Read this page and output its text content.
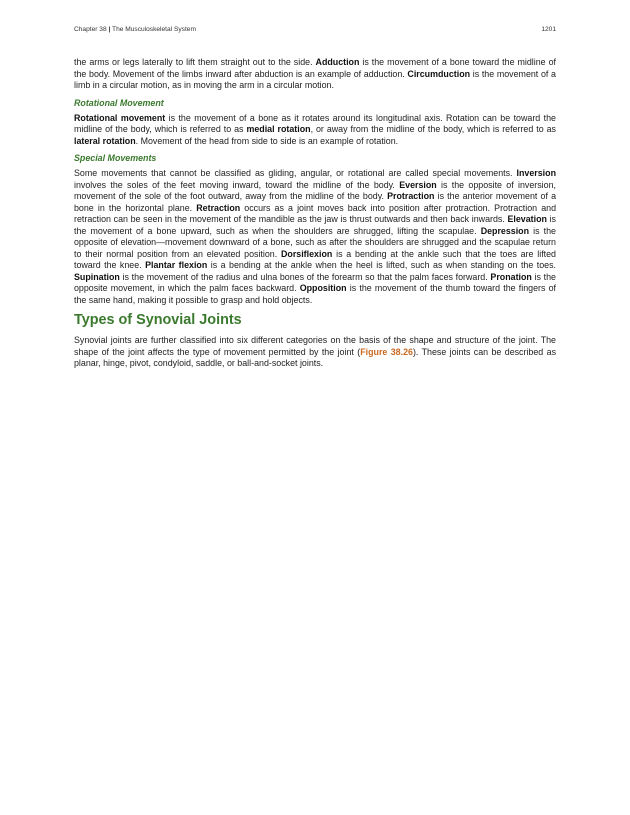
Chapter 38 | The Musculoskeletal System	1201

the arms or legs laterally to lift them straight out to the side. Adduction is the movement of a bone toward the midline of the body. Movement of the limbs inward after abduction is an example of adduction. Circumduction is the movement of a limb in a circular motion, as in moving the arm in a circular motion.

Rotational Movement

Rotational movement is the movement of a bone as it rotates around its longitudinal axis. Rotation can be toward the midline of the body, which is referred to as medial rotation, or away from the midline of the body, which is referred to as lateral rotation. Movement of the head from side to side is an example of rotation.

Special Movements

Some movements that cannot be classified as gliding, angular, or rotational are called special movements. Inversion involves the soles of the feet moving inward, toward the midline of the body. Eversion is the opposite of inversion, movement of the sole of the foot outward, away from the midline of the body. Protraction is the anterior movement of a bone in the horizontal plane. Retraction occurs as a joint moves back into position after protraction. Protraction and retraction can be seen in the movement of the mandible as the jaw is thrust outwards and then back inwards. Elevation is the movement of a bone upward, such as when the shoulders are shrugged, lifting the scapulae. Depression is the opposite of elevation—movement downward of a bone, such as after the shoulders are shrugged and the scapulae return to their normal position from an elevated position. Dorsiflexion is a bending at the ankle such that the toes are lifted toward the knee. Plantar flexion is a bending at the ankle when the heel is lifted, such as when standing on the toes. Supination is the movement of the radius and ulna bones of the forearm so that the palm faces forward. Pronation is the opposite movement, in which the palm faces backward. Opposition is the movement of the thumb toward the fingers of the same hand, making it possible to grasp and hold objects.

Types of Synovial Joints

Synovial joints are further classified into six different categories on the basis of the shape and structure of the joint. The shape of the joint affects the type of movement permitted by the joint (Figure 38.26). These joints can be described as planar, hinge, pivot, condyloid, saddle, or ball-and-socket joints.
